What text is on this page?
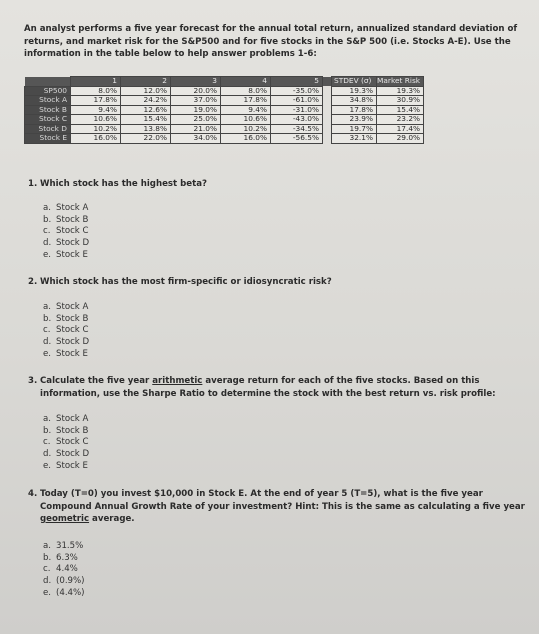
An analyst performs a five year forecast for the annual total return, annualized standard deviation of returns, and market risk for the S&P500 and for five stocks in the S&P 500 (i.e. Stocks A-E). Use the information in the table below to help answer problems 1-6:
	1	2	3	4	5		STDEV (σ)	Market Risk
SP500	8.0%	12.0%	20.0%	8.0%	-35.0%		19.3%	19.3%
Stock A	17.8%	24.2%	37.0%	17.8%	-61.0%		34.8%	30.9%
Stock B	9.4%	12.6%	19.0%	9.4%	-31.0%		17.8%	15.4%
Stock C	10.6%	15.4%	25.0%	10.6%	-43.0%		23.9%	23.2%
Stock D	10.2%	13.8%	21.0%	10.2%	-34.5%		19.7%	17.4%
Stock E	16.0%	22.0%	34.0%	16.0%	-56.5%		32.1%	29.0%
1. Which stock has the highest beta?
a. Stock A
b. Stock B
c. Stock C
d. Stock D
e. Stock E
2. Which stock has the most firm-specific or idiosyncratic risk?
a. Stock A
b. Stock B
c. Stock C
d. Stock D
e. Stock E
3. Calculate the five year arithmetic average return for each of the five stocks. Based on this information, use the Sharpe Ratio to determine the stock with the best return vs. risk profile:
a. Stock A
b. Stock B
c. Stock C
d. Stock D
e. Stock E
4. Today (T=0) you invest $10,000 in Stock E. At the end of year 5 (T=5), what is the five year Compound Annual Growth Rate of your investment? Hint: This is the same as calculating a five year geometric average.
a. 31.5%
b. 6.3%
c. 4.4%
d. (0.9%)
e. (4.4%)
